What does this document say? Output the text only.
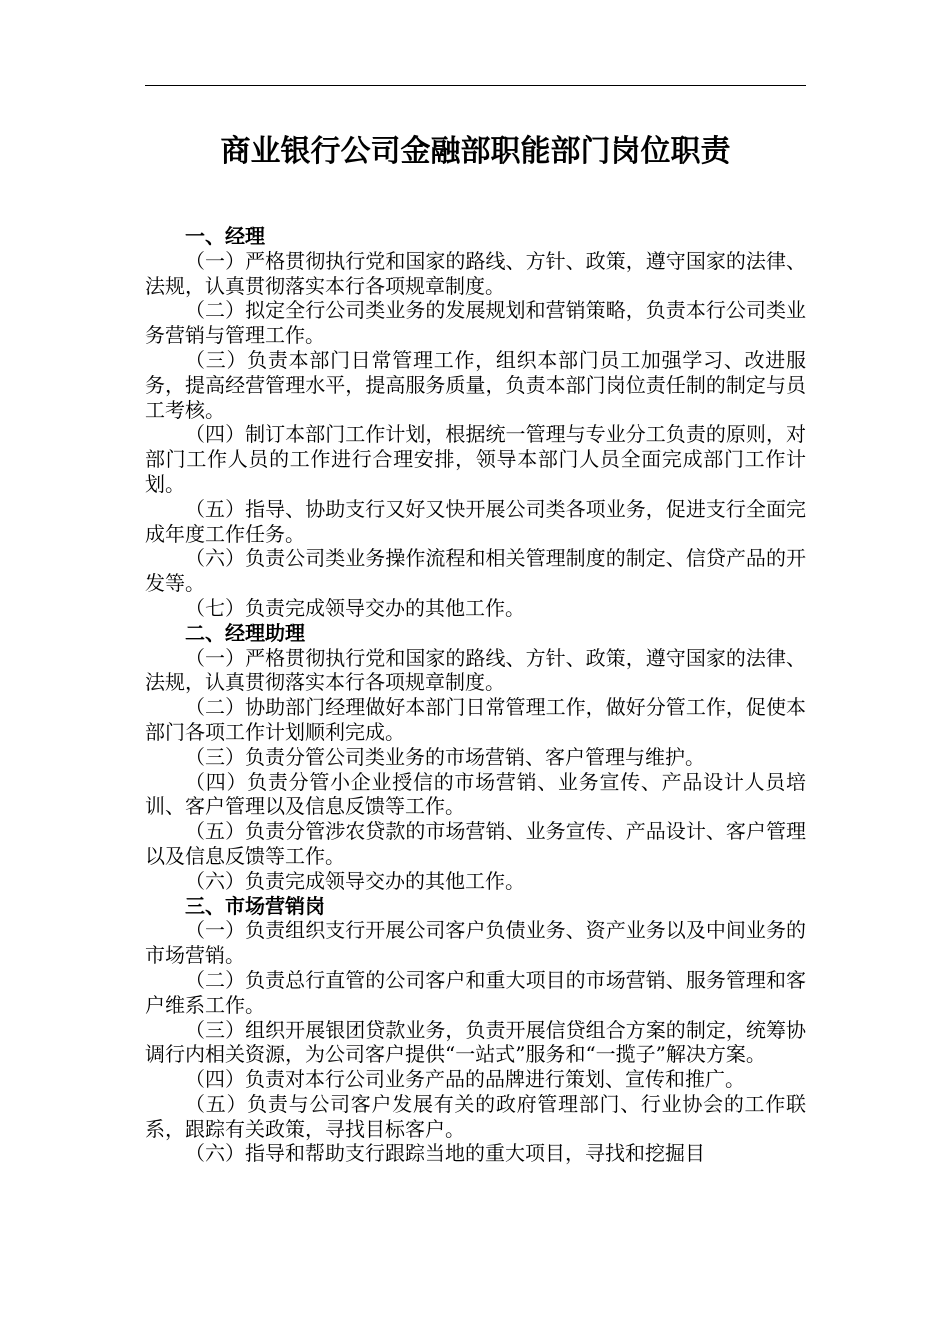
商业银行公司金融部职能部门岗位职责

一、经理

（一）严格贯彻执行党和国家的路线、方针、政策，遵守国家的法律、法规，认真贯彻落实本行各项规章制度。

（二）拟定全行公司类业务的发展规划和营销策略，负责本行公司类业务营销与管理工作。

（三）负责本部门日常管理工作，组织本部门员工加强学习、改进服务，提高经营管理水平，提高服务质量，负责本部门岗位责任制的制定与员工考核。

（四）制订本部门工作计划，根据统一管理与专业分工负责的原则，对部门工作人员的工作进行合理安排，领导本部门人员全面完成部门工作计划。

（五）指导、协助支行又好又快开展公司类各项业务，促进支行全面完成年度工作任务。

（六）负责公司类业务操作流程和相关管理制度的制定、信贷产品的开发等。

（七）负责完成领导交办的其他工作。

二、经理助理

（一）严格贯彻执行党和国家的路线、方针、政策，遵守国家的法律、法规，认真贯彻落实本行各项规章制度。

（二）协助部门经理做好本部门日常管理工作，做好分管工作，促使本部门各项工作计划顺利完成。

（三）负责分管公司类业务的市场营销、客户管理与维护。

（四）负责分管小企业授信的市场营销、业务宣传、产品设计人员培训、客户管理以及信息反馈等工作。

（五）负责分管涉农贷款的市场营销、业务宣传、产品设计、客户管理以及信息反馈等工作。

（六）负责完成领导交办的其他工作。

三、市场营销岗

（一）负责组织支行开展公司客户负债业务、资产业务以及中间业务的市场营销。

（二）负责总行直管的公司客户和重大项目的市场营销、服务管理和客户维系工作。

（三）组织开展银团贷款业务，负责开展信贷组合方案的制定，统筹协调行内相关资源，为公司客户提供“一站式”服务和“一揽子”解决方案。

（四）负责对本行公司业务产品的品牌进行策划、宣传和推广。

（五）负责与公司客户发展有关的政府管理部门、行业协会的工作联系，跟踪有关政策，寻找目标客户。

（六）指导和帮助支行跟踪当地的重大项目，寻找和挖掘目
